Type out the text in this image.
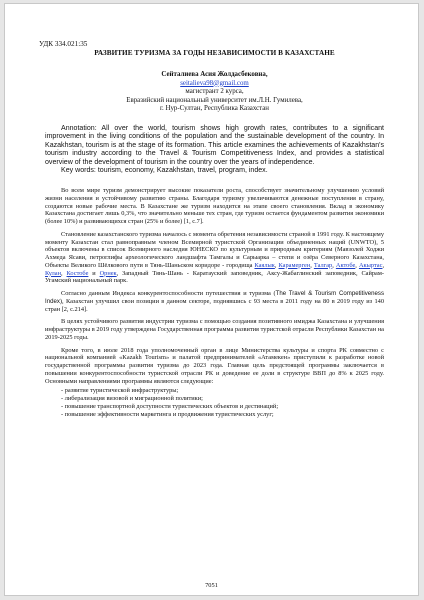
УДК 334.021:35
РАЗВИТИЕ ТУРИЗМА ЗА ГОДЫ НЕЗАВИСИМОСТИ В КАЗАХСТАНЕ
Сейталиева Асия Жолдасбековна,
seitalieva98@gmail.com
магистрант 2 курса,
Евразийский национальный университет им.Л.Н. Гумилева,
г. Нур-Султан, Республика Казахстан
Annotation: All over the world, tourism shows high growth rates, contributes to a significant improvement in the living conditions of the population and the sustainable development of the country. In Kazakhstan, tourism is at the stage of its formation. This article examines the achievements of Kazakhstan's tourism industry according to the Travel & Tourism Competitiveness Index, and provides a statistical overview of the development of tourism in the country over the years of independence.
Key words: tourism, economy, Kazakhstan, travel, program, index.

Во всем мире туризм демонстрирует высокие показатели роста, способствует значительному улучшению условий жизни населения и устойчивому развитию страны. Благодаря туризму увеличиваются денежные поступления в страну, создаются новые рабочие места. В Казахстане же туризм находится на этапе своего становления. Вклад в экономику Казахстана достигает лишь 0,3%, что значительно меньше тех стран, где туризм остается фундаментом развития экономики (более 10%) и развивающихся стран (25% и более) [1, с.7].

Становление казахстанского туризма началось с момента обретения независимости страной в 1991 году. К настоящему моменту Казахстан стал равноправным членом Всемирной туристской Организации объединенных наций (UNWTO), 5 объектов включены в список Всемирного наследия ЮНЕСКО по культурным и природным критериям (Мавзолей Ходжи Ахмеда Ясави, петроглифы археологического ландшафта Тамгалы и Сарыарка – степи и озёра Северного Казахстана, Объекты Великого Шёлкового пути в Тянь-Шаньском коридоре - городища Каялык, Карамерген, Талгар, Актобе, Акыртас, Кулан, Костобе и Орнек, Западный Тянь-Шань - Каратауский заповедник, Аксу-Жабаглинский заповедник, Сайрам-Угамский национальный парк.

Согласно данным Индекса конкурентоспособности путешествия и туризма (The Travel & Tourism Competitiveness Index), Казахстан улучшил свои позиции в данном секторе, поднявшись с 93 места в 2011 году на 80 в 2019 году из 140 стран [2, с.214].

В целях устойчивого развития индустрии туризма с помощью создания позитивного имиджа Казахстана и улучшения инфраструктуры в 2019 году утверждена Государственная программа развития туристской отрасли Республики Казахстан на 2019-2025 годы.

Кроме того, в июле 2018 года уполномоченный орган в лице Министерства культуры и спорта РК совместно с национальной компанией «Kazakh Tourism» и палатой предпринимателей «Атамекен» приступили к разработке новой государственной программы развития туризма до 2023 года. Главная цель предстоящей программы заключается в повышении конкурентоспособности туристской отрасли РК и доведение ее доли в структуре ВВП до 8% к 2025 году. Основными направлениями программы являются следующие:

- развитие туристической инфраструктуры;
- либерализация визовой и миграционной политики;
- повышение транспортной доступности туристических объектов и дестинаций;
- повышение эффективности маркетинга и продвижения туристических услуг;
7051
